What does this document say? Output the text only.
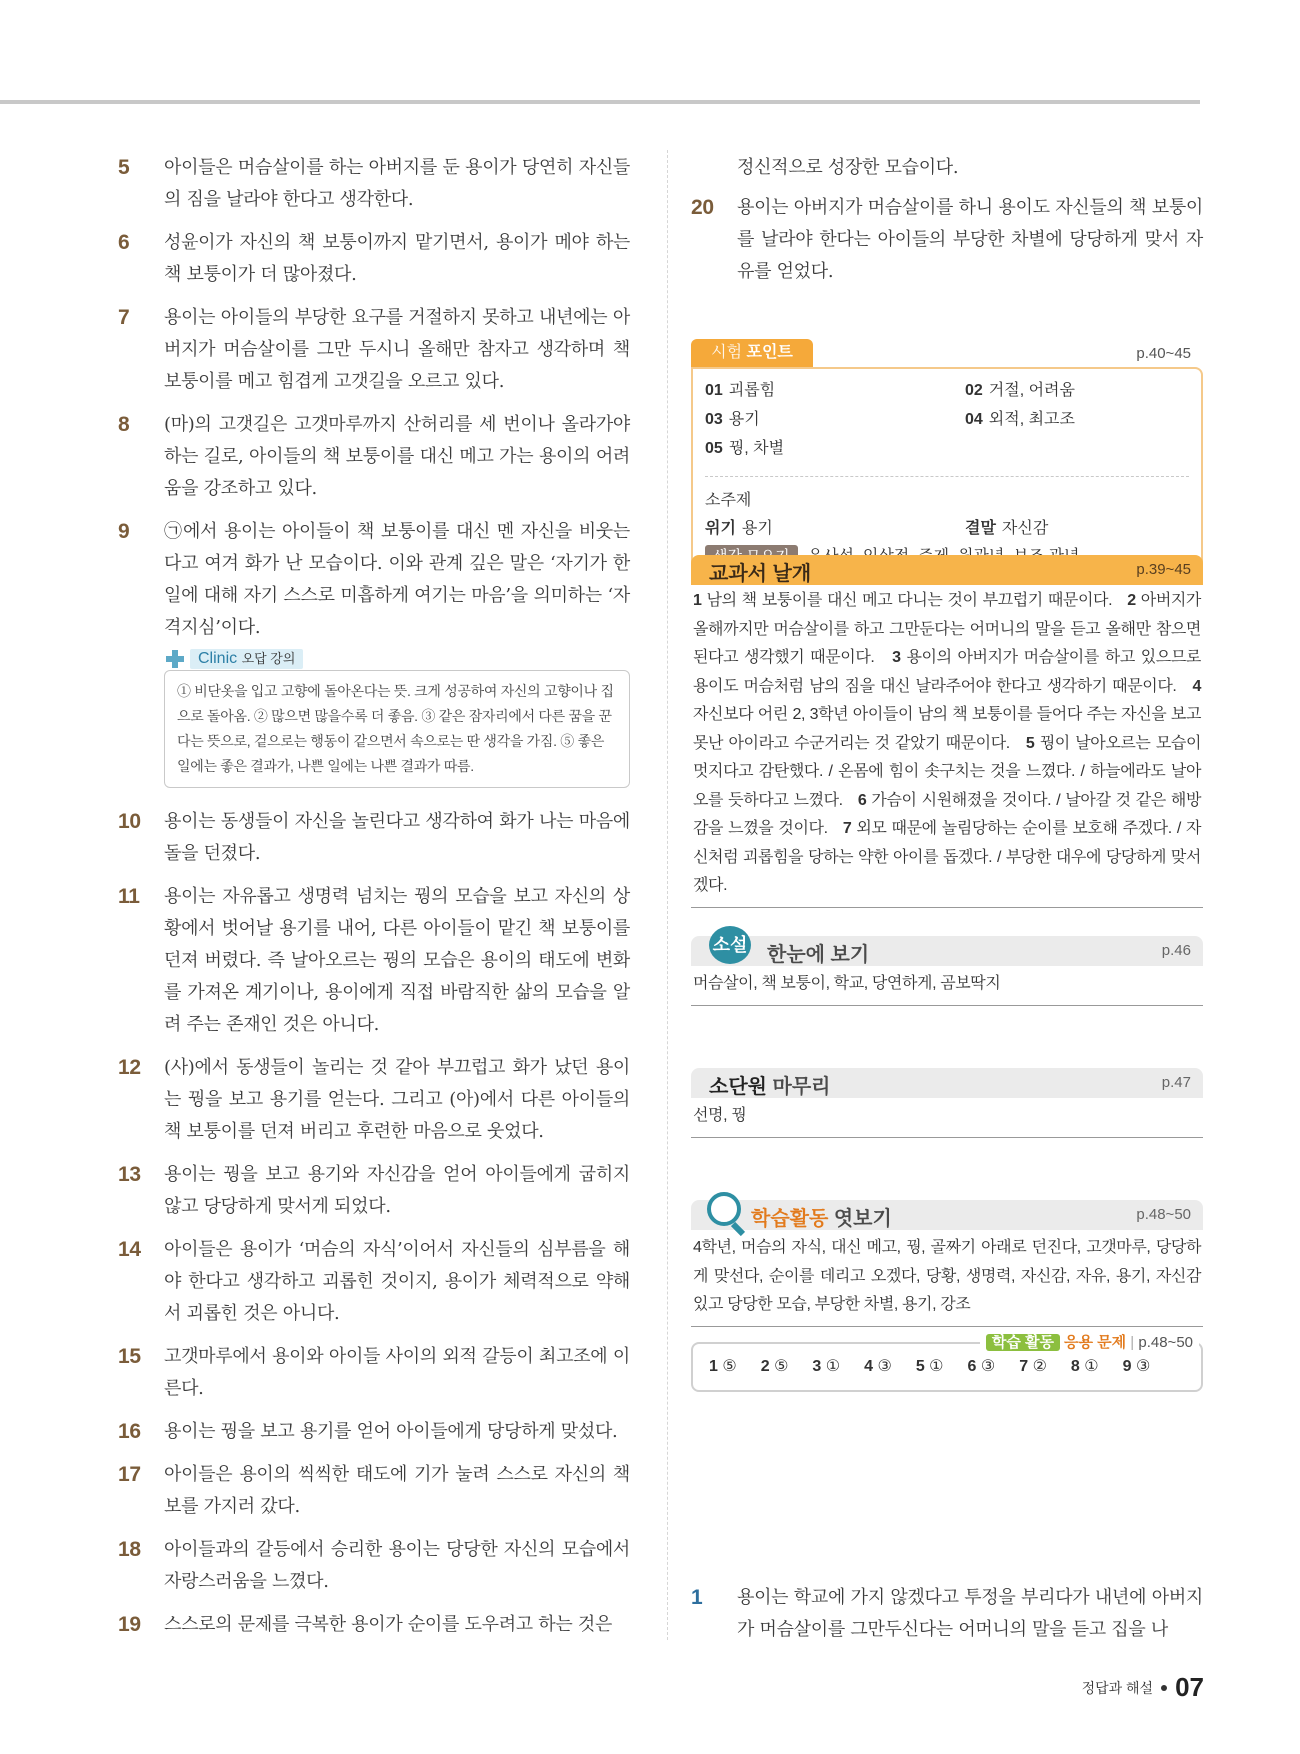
5 아이들은 머슴살이를 하는 아버지를 둔 용이가 당연히 자신들의 짐을 날라야 한다고 생각한다.
6 성윤이가 자신의 책 보퉁이까지 맡기면서, 용이가 메야 하는 책 보퉁이가 더 많아졌다.
7 용이는 아이들의 부당한 요구를 거절하지 못하고 내년에는 아버지가 머슴살이를 그만 두시니 올해만 참자고 생각하며 책 보퉁이를 메고 힘겹게 고갯길을 오르고 있다.
8 (마)의 고갯길은 고갯마루까지 산허리를 세 번이나 올라가야 하는 길로, 아이들의 책 보퉁이를 대신 메고 가는 용이의 어려움을 강조하고 있다.
9 ㉠에서 용이는 아이들이 책 보퉁이를 대신 멘 자신을 비웃는다고 여겨 화가 난 모습이다. 이와 관계 깊은 말은 ‘자기가 한 일에 대해 자기 스스로 미흡하게 여기는 마음’을 의미하는 ‘자격지심’이다.
Clinic 오답 강의
① 비단옷을 입고 고향에 돌아온다는 뜻. 크게 성공하여 자신의 고향이나 집으로 돌아옴. ② 많으면 많을수록 더 좋음. ③ 같은 잠자리에서 다른 꿈을 꾼다는 뜻으로, 겉으로는 행동이 같으면서 속으로는 딴 생각을 가짐. ⑤ 좋은 일에는 좋은 결과가, 나쁜 일에는 나쁜 결과가 따름.
10 용이는 동생들이 자신을 놀린다고 생각하여 화가 나는 마음에 돌을 던졌다.
11 용이는 자유롭고 생명력 넘치는 꿩의 모습을 보고 자신의 상황에서 벗어날 용기를 내어, 다른 아이들이 맡긴 책 보퉁이를 던져 버렸다. 즉 날아오르는 꿩의 모습은 용이의 태도에 변화를 가져온 계기이나, 용이에게 직접 바람직한 삶의 모습을 알려 주는 존재인 것은 아니다.
12 (사)에서 동생들이 놀리는 것 같아 부끄럽고 화가 났던 용이는 꿩을 보고 용기를 얻는다. 그리고 (아)에서 다른 아이들의 책 보퉁이를 던져 버리고 후련한 마음으로 웃었다.
13 용이는 꿩을 보고 용기와 자신감을 얻어 아이들에게 굽히지 않고 당당하게 맞서게 되었다.
14 아이들은 용이가 ‘머슴의 자식’이어서 자신들의 심부름을 해야 한다고 생각하고 괴롭힌 것이지, 용이가 체력적으로 약해서 괴롭힌 것은 아니다.
15 고갯마루에서 용이와 아이들 사이의 외적 갈등이 최고조에 이른다.
16 용이는 꿩을 보고 용기를 얻어 아이들에게 당당하게 맞섰다.
17 아이들은 용이의 씩씩한 태도에 기가 눌려 스스로 자신의 책보를 가지러 갔다.
18 아이들과의 갈등에서 승리한 용이는 당당한 자신의 모습에서 자랑스러움을 느꼈다.
19 스스로의 문제를 극복한 용이가 순이를 도우려고 하는 것은
정신적으로 성장한 모습이다.
20 용이는 아버지가 머슴살이를 하니 용이도 자신들의 책 보퉁이를 날라야 한다는 아이들의 부당한 차별에 당당하게 맞서 자유를 얻었다.
시험 포인트	p.40~45
01 괴롭힘	02 거절, 어려움
03 용기	04 외적, 최고조
05 꿩, 차별
소주제
위기 용기	결말 자신감
교과서 날개	p.39~45
1 남의 책 보퉁이를 대신 메고 다니는 것이 부끄럽기 때문이다. 2 아버지가 올해까지만 머슴살이를 하고 그만둔다는 어머니의 말을 듣고 올해만 참으면 된다고 생각했기 때문이다. 3 용이의 아버지가 머슴살이를 하고 있으므로 용이도 머슴처럼 남의 짐을 대신 날라주어야 한다고 생각하기 때문이다. 4 자신보다 어린 2, 3학년 아이들이 남의 책 보퉁이를 들어다 주는 자신을 보고 못난 아이라고 수군거리는 것 같았기 때문이다. 5 꿩이 날아오르는 모습이 멋지다고 감탄했다. / 온몸에 힘이 솟구치는 것을 느꼈다. / 하늘에라도 날아오를 듯하다고 느꼈다. 6 가슴이 시원해졌을 것이다. / 날아갈 것 같은 해방감을 느꼈을 것이다. 7 외모 때문에 놀림당하는 순이를 보호해 주겠다. / 자신처럼 괴롭힘을 당하는 약한 아이를 돕겠다. / 부당한 대우에 당당하게 맞서겠다.
소설 한눈에 보기	p.46
머슴살이, 책 보퉁이, 학교, 당연하게, 곰보딱지
소단원 마무리	p.47
선명, 꿩
학습활동 엿보기	p.48~50
4학년, 머슴의 자식, 대신 메고, 꿩, 골짜기 아래로 던진다, 고갯마루, 당당하게 맞선다, 순이를 데리고 오겠다, 당황, 생명력, 자신감, 자유, 용기, 자신감 있고 당당한 모습, 부당한 차별, 용기, 강조
학습 활동 응용 문제 | p.48~50
1 ⑤ 2 ⑤ 3 ① 4 ③ 5 ① 6 ③ 7 ② 8 ① 9 ③
1 용이는 학교에 가지 않겠다고 투정을 부리다가 내년에 아버지가 머슴살이를 그만두신다는 어머니의 말을 듣고 집을 나
정답과 해설 07
